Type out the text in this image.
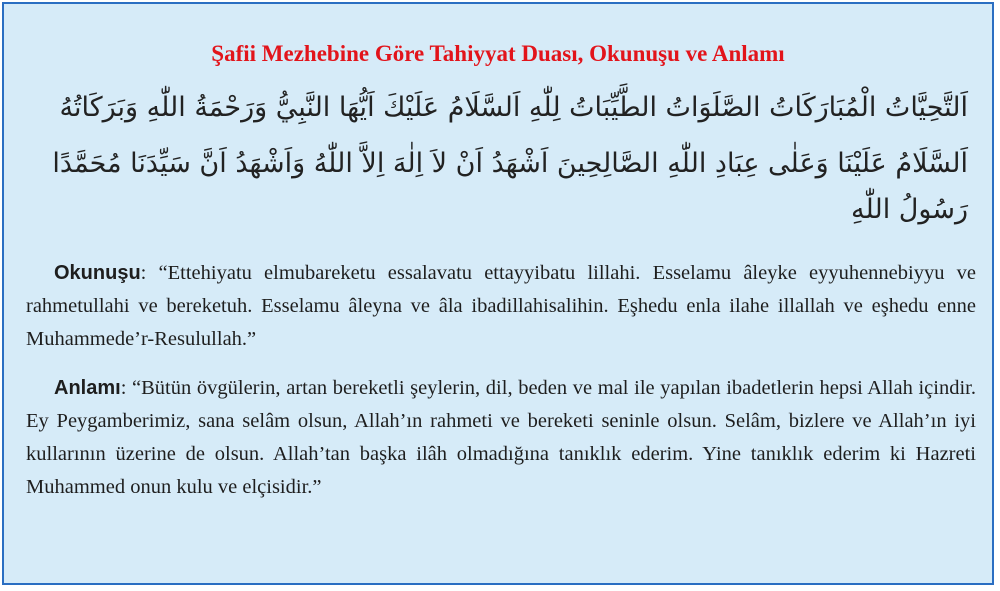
Şafii Mezhebine Göre Tahiyyat Duası, Okunuşu ve Anlamı
اَلتَّحِيَّاتُ الْمُبَارَكَاتُ الصَّلَوَاتُ الطَّيِّبَاتُ لِلّٰهِ اَلسَّلَامُ عَلَيْكَ اَيُّهَا النَّبِيُّ وَرَحْمَةُ اللّٰهِ وَبَرَكَاتُهُ
اَلسَّلَامُ عَلَيْنَا وَعَلٰى عِبَادِ اللّٰهِ الصَّالِحِينَ اَشْهَدُ اَنْ لاَ اِلٰهَ اِلاَّ اللّٰهُ وَاَشْهَدُ اَنَّ سَيِّدَنَا مُحَمَّدًا
رَسُولُ اللّٰهِ
Okunuşu: “Ettehiyatu elmubareketu essalavatu ettayyibatu lillahi. Esselamu âleyke eyyuhennebiyyu ve rahmetullahi ve bereketuh. Esselamu âleyna ve âla ibadillahisalihin. Eşhedu enla ilahe illallah ve eşhedu enne Muhammede’r-Resulullah.”
Anlamı: “Bütün övgülerin, artan bereketli şeylerin, dil, beden ve mal ile yapılan ibadetlerin hepsi Allah içindir. Ey Peygamberimiz, sana selâm olsun, Allah’ın rahmeti ve bereketi seninle olsun. Selâm, bizlere ve Allah’ın iyi kullarının üzerine de olsun. Allah’tan başka ilâh olmadığına tanıklık ederim. Yine tanıklık ederim ki Hazreti Muhammed onun kulu ve elçisidir.”
